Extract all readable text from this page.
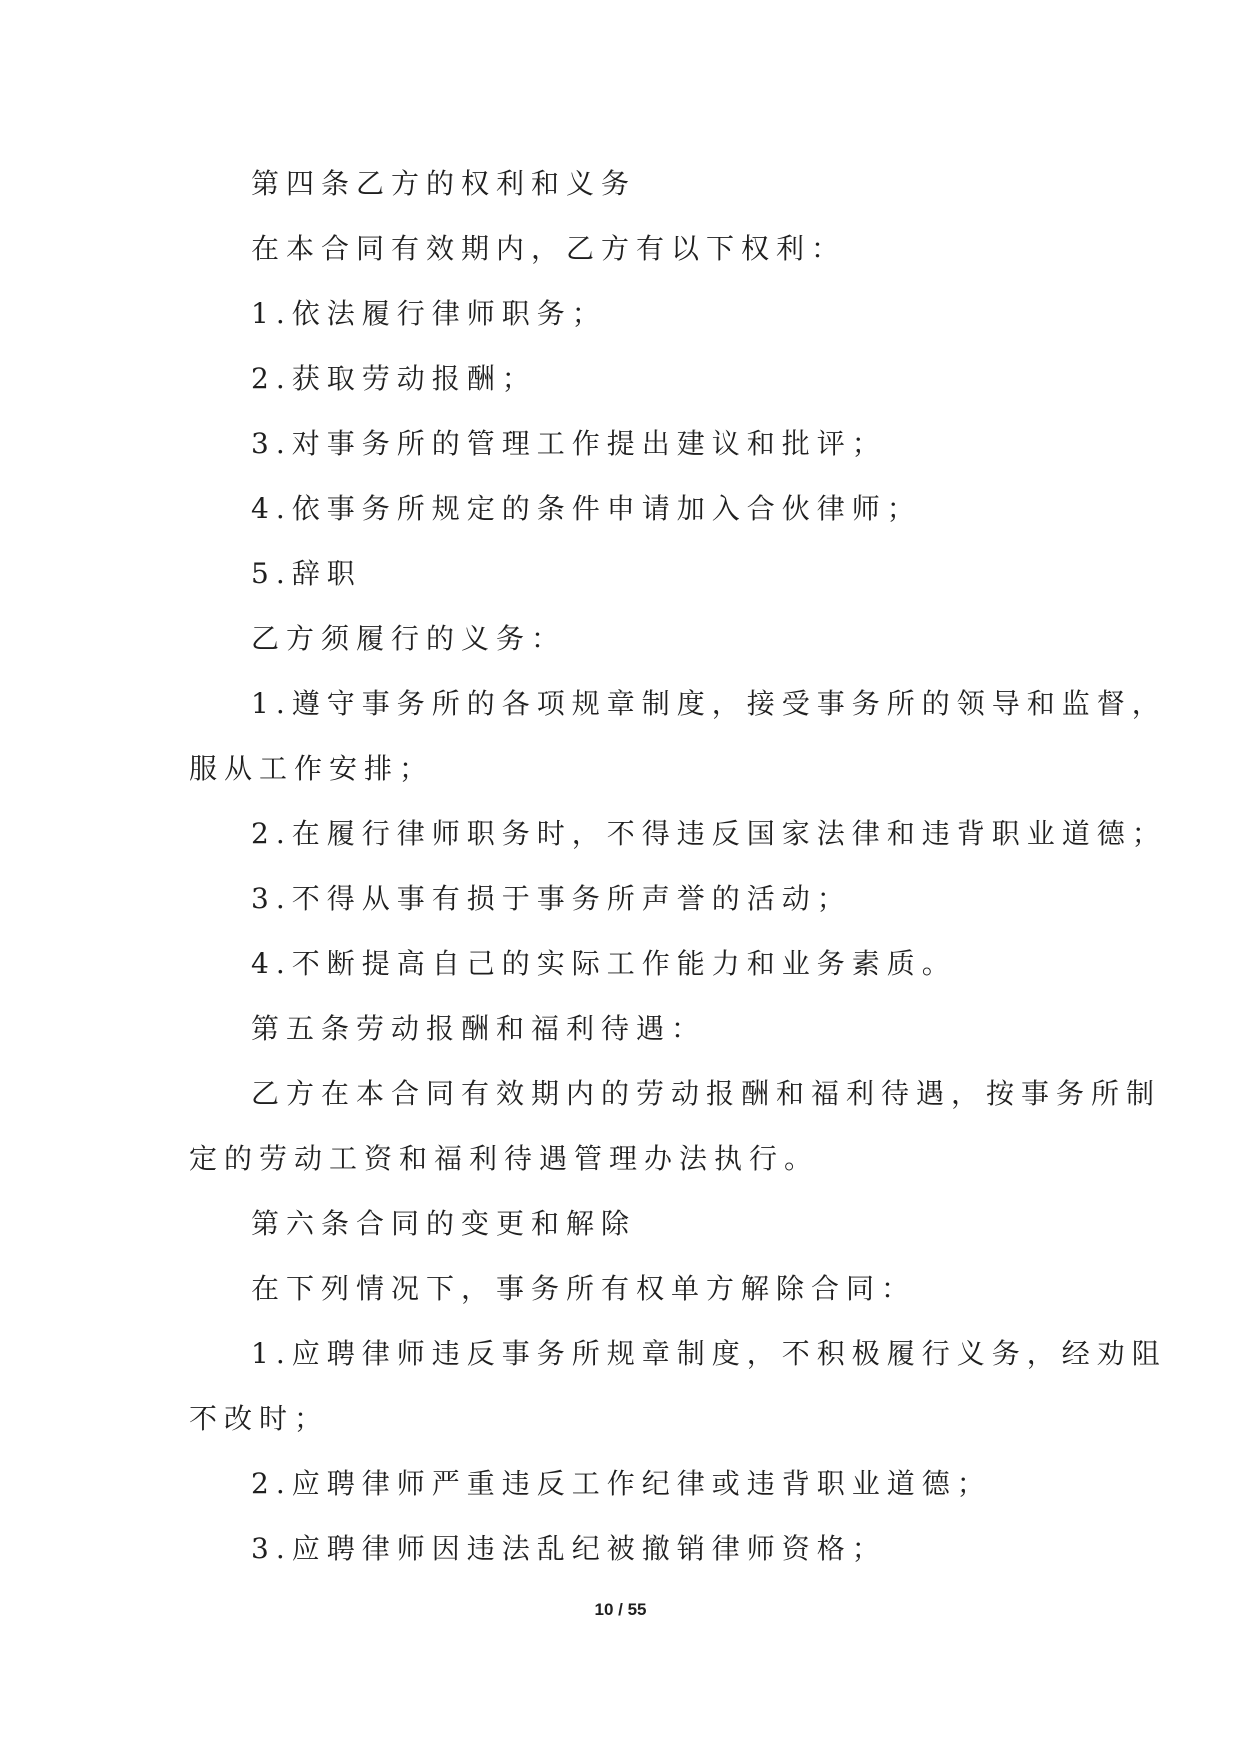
第四条乙方的权利和义务
在本合同有效期内，乙方有以下权利：
1.依法履行律师职务；
2.获取劳动报酬；
3.对事务所的管理工作提出建议和批评；
4.依事务所规定的条件申请加入合伙律师；
5.辞职
乙方须履行的义务：
1.遵守事务所的各项规章制度，接受事务所的领导和监督，
服从工作安排；
2.在履行律师职务时，不得违反国家法律和违背职业道德；
3.不得从事有损于事务所声誉的活动；
4.不断提高自己的实际工作能力和业务素质。
第五条劳动报酬和福利待遇：
乙方在本合同有效期内的劳动报酬和福利待遇，按事务所制
定的劳动工资和福利待遇管理办法执行。
第六条合同的变更和解除
在下列情况下，事务所有权单方解除合同：
1.应聘律师违反事务所规章制度，不积极履行义务，经劝阻
不改时；
2.应聘律师严重违反工作纪律或违背职业道德；
3.应聘律师因违法乱纪被撤销律师资格；
10 / 55
